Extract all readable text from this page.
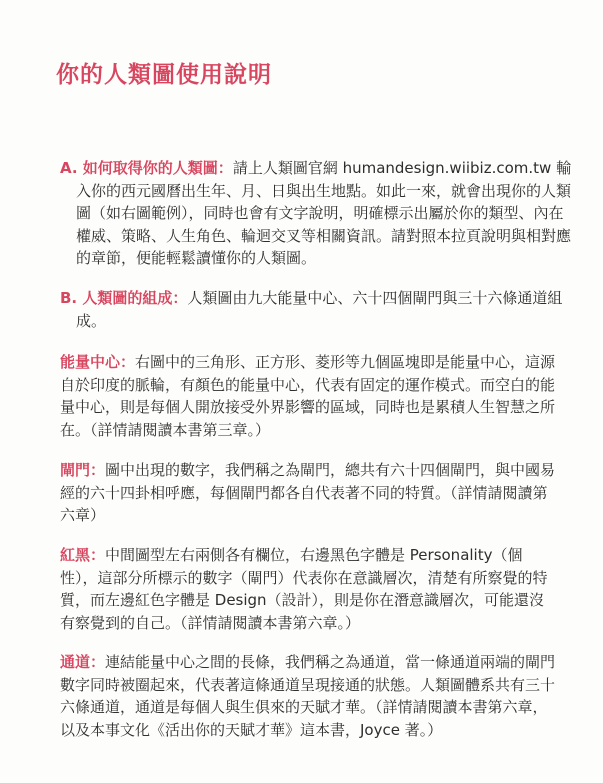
你的人類圖使用說明

A. 如何取得你的人類圖：請上人類圖官網 humandesign.wiibiz.com.tw 輸入你的西元國曆出生年、月、日與出生地點。如此一來，就會出現你的人類圖（如右圖範例），同時也會有文字說明，明確標示出屬於你的類型、內在權威、策略、人生角色、輪迴交叉等相關資訊。請對照本拉頁說明與相對應的章節，便能輕鬆讀懂你的人類圖。

B. 人類圖的組成：人類圖由九大能量中心、六十四個閘門與三十六條通道組成。

能量中心：右圖中的三角形、正方形、菱形等九個區塊即是能量中心，這源自於印度的脈輪，有顏色的能量中心，代表有固定的運作模式。而空白的能量中心，則是每個人開放接受外界影響的區域，同時也是累積人生智慧之所在。（詳情請閱讀本書第三章。）

閘門：圖中出現的數字，我們稱之為閘門，總共有六十四個閘門，與中國易經的六十四卦相呼應，每個閘門都各自代表著不同的特質。（詳情請閱讀第六章）

紅黑：中間圖型左右兩側各有欄位，右邊黑色字體是 Personality（個性），這部分所標示的數字（閘門）代表你在意識層次，清楚有所察覺的特質，而左邊紅色字體是 Design（設計），則是你在潛意識層次，可能還沒有察覺到的自己。（詳情請閱讀本書第六章。）

通道：連結能量中心之間的長條，我們稱之為通道，當一條通道兩端的閘門數字同時被圈起來，代表著這條通道呈現接通的狀態。人類圖體系共有三十六條通道，通道是每個人與生俱來的天賦才華。（詳情請閱讀本書第六章，以及本事文化《活出你的天賦才華》這本書，Joyce 著。）
